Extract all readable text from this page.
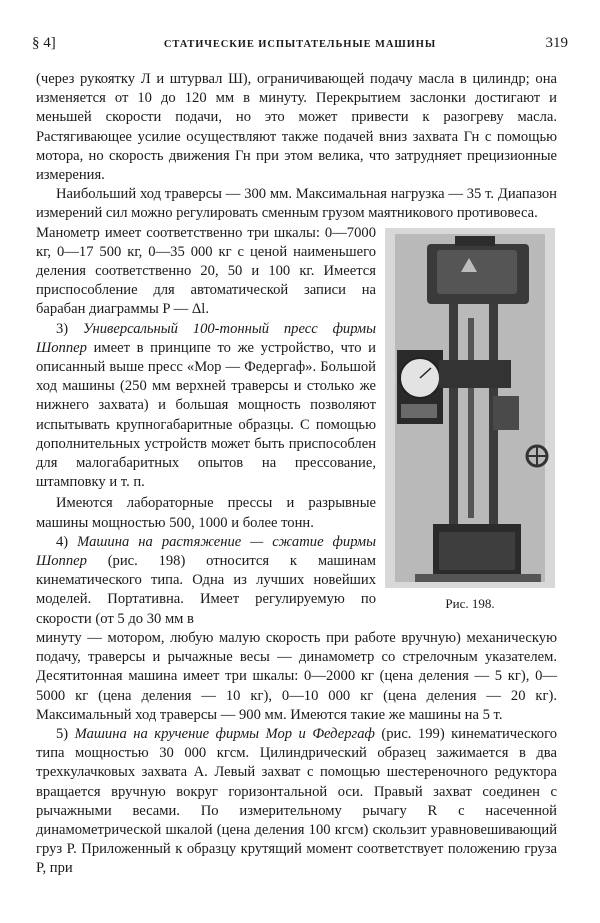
§ 4]	СТАТИЧЕСКИЕ ИСПЫТАТЕЛЬНЫЕ МАШИНЫ	319

(через рукоятку Л и штурвал Ш), ограничивающей подачу масла в цилиндр; она изменяется от 10 до 120 мм в минуту. Перекрытием заслонки достигают и меньшей скорости подачи, но это может привести к разогреву масла. Растягивающее усилие осуществляют также подачей вниз захвата Гн с помощью мотора, но скорость движения Гн при этом велика, что затрудняет прецизионные измерения.

Наибольший ход траверсы — 300 мм. Максимальная нагрузка — 35 т. Диапазон измерений сил можно регулировать сменным грузом маятникового противовеса.

Манометр имеет соответственно три шкалы: 0—7000 кг, 0—17 500 кг, 0—35 000 кг с ценой наименьшего деления соответственно 20, 50 и 100 кг. Имеется приспособление для автоматической записи на барабан диаграммы P — Δl.

3) Универсальный 100-тонный пресс фирмы Шоппер имеет в принципе то же устройство, что и описанный выше пресс «Мор — Федергаф». Большой ход машины (250 мм верхней траверсы и столько же нижнего захвата) и большая мощность позволяют испытывать крупногабаритные образцы. С помощью дополнительных устройств может быть приспособлен для малогабаритных опытов на прессование, штамповку и т. п.

Имеются лабораторные прессы и разрывные машины мощностью 500, 1000 и более тонн.

4) Машина на растяжение — сжатие фирмы Шоппер (рис. 198) относится к машинам кинематического типа. Одна из лучших новейших моделей. Портативна. Имеет регулируемую по скорости (от 5 до 30 мм в

минуту — мотором, любую малую скорость при работе вручную) механическую подачу, траверсы и рычажные весы — динамометр со стрелочным указателем. Десятитонная машина имеет три шкалы: 0—2000 кг (цена деления — 5 кг), 0—5000 кг (цена деления — 10 кг), 0—10 000 кг (цена деления — 20 кг). Максимальный ход траверсы — 900 мм. Имеются такие же машины на 5 т.

5) Машина на кручение фирмы Мор и Федергаф (рис. 199) кинематического типа мощностью 30 000 кгсм. Цилиндрический образец зажимается в два трехкулачковых захвата А. Левый захват с помощью шестереночного редуктора вращается вручную вокруг горизонтальной оси. Правый захват соединен с рычажными весами. По измерительному рычагу R с насеченной динамометрической шкалой (цена деления 100 кгсм) скользит уравновешивающий груз P. Приложенный к образцу крутящий момент соответствует положению груза P, при

Рис. 198.
